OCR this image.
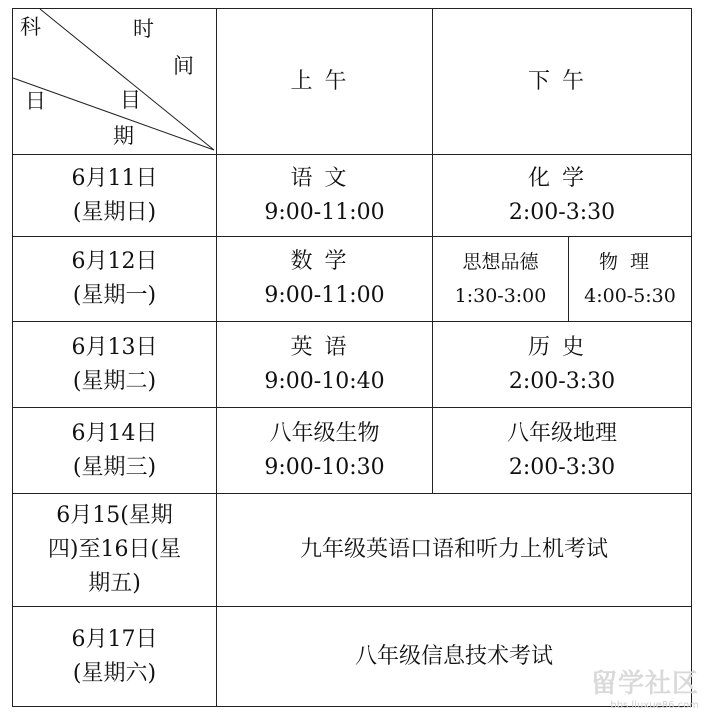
科	时
间
目
日
期
上午	下午
6月11日
(星期日)
语文
9:00-11:00
化学
2:00-3:30
6月12日
(星期一)
数学
9:00-11:00
思想品德
1:30-3:00
物理
4:00-5:30
6月13日
(星期二)
英语
9:00-10:40
历史
2:00-3:30
6月14日
(星期三)
八年级生物
9:00-10:30
八年级地理
2:00-3:30
6月15(星期
四)至16日(星
期五)
九年级英语口语和听力上机考试
6月17日
(星期六)
八年级信息技术考试
留学社区
bbs.liuxue86.com
